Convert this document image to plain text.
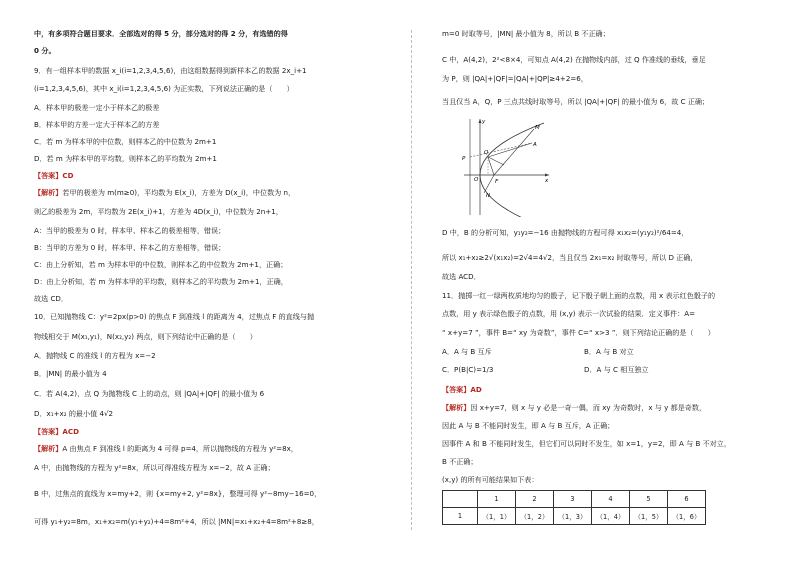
中，有多项符合题目要求．全部选对的得 5 分，部分选对的得 2 分，有选错的得
0 分。
9．有一组样本甲的数据 x_i(i=1,2,3,4,5,6)，由这组数据得到新样本乙的数据 2x_i+1
(i=1,2,3,4,5,6)，其中 x_i(i=1,2,3,4,5,6) 为正实数，下列说法正确的是（　　）
A．样本甲的极差一定小于样本乙的极差
B．样本甲的方差一定大于样本乙的方差
C．若 m 为样本甲的中位数，则样本乙的中位数为 2m+1
D．若 m 为样本甲的平均数，则样本乙的平均数为 2m+1
【答案】CD
【解析】若甲的极差为 m(m≥0)，平均数为 E(x_i)，方差为 D(x_i)，中位数为 n，
则乙的极差为 2m，平均数为 2E(x_i)+1，方差为 4D(x_i)，中位数为 2n+1，
A：当甲的极差为 0 时，样本甲、样本乙的极差相等，错误；
B：当甲的方差为 0 时，样本甲、样本乙的方差相等，错误；
C：由上分析知，若 m 为样本甲的中位数，则样本乙的中位数为 2m+1，正确；
D：由上分析知，若 m 为样本甲的平均数，则样本乙的平均数为 2m+1，正确，
故选 CD．
10．已知抛物线 C：y²=2px(p>0) 的焦点 F 到准线 l 的距离为 4，过焦点 F 的直线与抛
物线相交于 M(x₁,y₁)，N(x₂,y₂) 两点，则下列结论中正确的是（　　）
A．抛物线 C 的准线 l 的方程为 x=−2
B．|MN| 的最小值为 4
C．若 A(4,2)，点 Q 为抛物线 C 上的动点，则 |QA|+|QF| 的最小值为 6
D．x₁+x₂ 的最小值 4√2
【答案】ACD
【解析】A 由焦点 F 到准线 l 的距离为 4 可得 p=4，所以抛物线的方程为 y²=8x，
A 中，由抛物线的方程为 y²=8x，所以可得准线方程为 x=−2，故 A 正确；
B 中，过焦点的直线为 x=my+2，则 {x=my+2, y²=8x}，整理可得 y²−8my−16=0，
可得 y₁+y₂=8m，x₁+x₂=m(y₁+y₂)+4=8m²+4，所以 |MN|=x₁+x₂+4=8m²+8≥8，
m=0 时取等号，|MN| 最小值为 8，所以 B 不正确；
C 中，A(4,2)，2²<8×4，可知点 A(4,2) 在抛物线内部，过 Q 作准线的垂线，垂足
为 P，则 |QA|+|QF|=|QA|+|QP|≥4+2=6，
当且仅当 A，Q，P 三点共线时取等号，所以 |QA|+|QF| 的最小值为 6，故 C 正确；
D 中，B 的分析可知，y₁y₂=−16 由抛物线的方程可得 x₁x₂=(y₁y₂)²/64=4，
所以 x₁+x₂≥2√(x₁x₂)=2√4=4√2，当且仅当 2x₁=x₂ 时取等号，所以 D 正确，
故选 ACD．
11．抛掷一红一绿两枚质地均匀的骰子，记下骰子朝上面的点数，用 x 表示红色骰子的
点数，用 y 表示绿色骰子的点数，用 (x,y) 表示一次试验的结果．定义事件：A=
“ x+y=7 ”，事件 B=“ xy 为奇数”，事件 C=“ x>3 ”．则下列结论正确的是（　　）
A．A 与 B 互斥	B．A 与 B 对立
C．P(B|C)=1/3	D．A 与 C 相互独立
【答案】AD
【解析】因 x+y=7，则 x 与 y 必是一奇一偶，而 xy 为奇数时，x 与 y 都是奇数，
因此 A 与 B 不能同时发生，即 A 与 B 互斥，A 正确；
因事件 A 和 B 不能同时发生，但它们可以同时不发生，如 x=1，y=2，即 A 与 B 不对立，
B 不正确；
(x,y) 的所有可能结果如下表：
y
x
M
A
P
Q
O	F
N
	1	2	3	4	5	6
1	（1，1）	（1，2）	（1，3）	（1，4）	（1，5）	（1，6）
